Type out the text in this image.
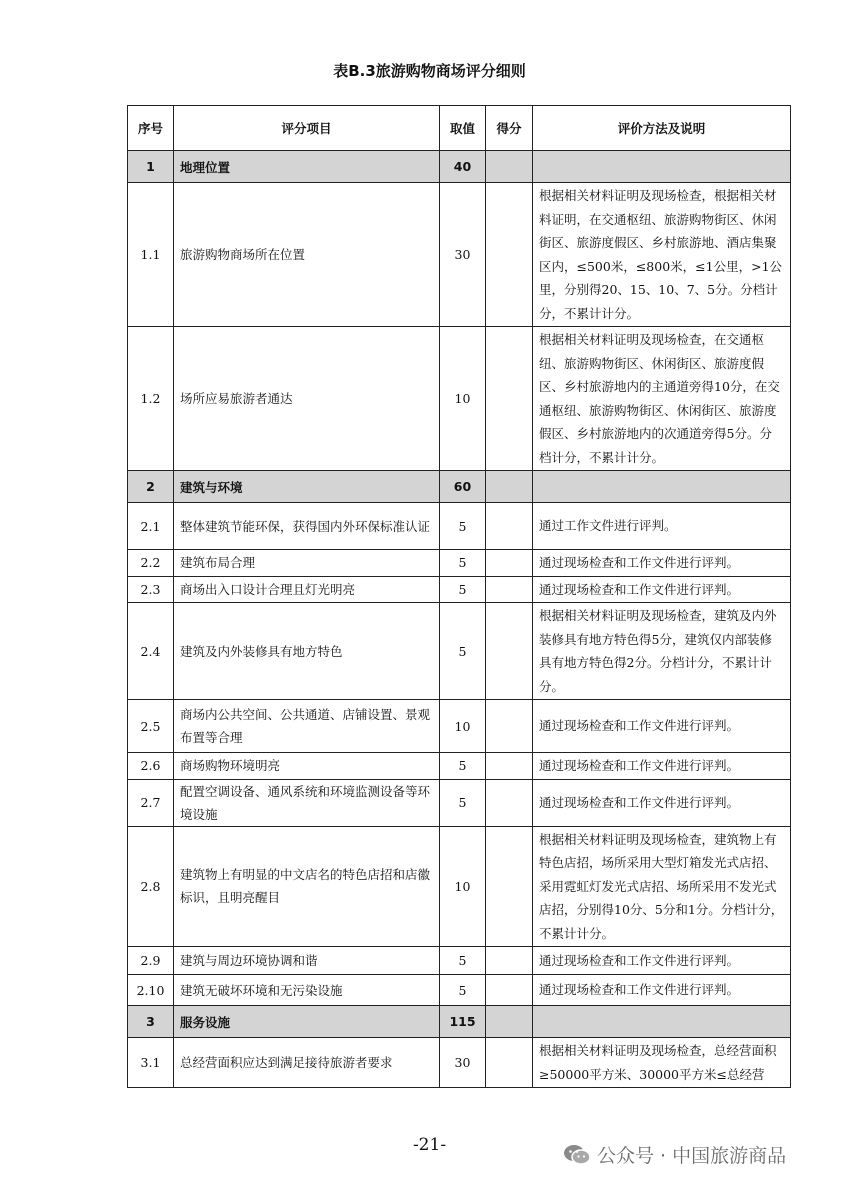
表B.3旅游购物商场评分细则
序号	评分项目	取值	得分	评价方法及说明
1	地理位置	40		
1.1	旅游购物商场所在位置	30		根据相关材料证明及现场检查，根据相关材料证明，在交通枢纽、旅游购物街区、休闲街区、旅游度假区、乡村旅游地、酒店集聚区内，≤500米，≤800米，≤1公里，>1公里，分别得20、15、10、7、5分。分档计分，不累计计分。
1.2	场所应易旅游者通达	10		根据相关材料证明及现场检查，在交通枢纽、旅游购物街区、休闲街区、旅游度假区、乡村旅游地内的主通道旁得10分，在交通枢纽、旅游购物街区、休闲街区、旅游度假区、乡村旅游地内的次通道旁得5分。分档计分，不累计计分。
2	建筑与环境	60		
2.1	整体建筑节能环保，获得国内外环保标准认证	5		通过工作文件进行评判。
2.2	建筑布局合理	5		通过现场检查和工作文件进行评判。
2.3	商场出入口设计合理且灯光明亮	5		通过现场检查和工作文件进行评判。
2.4	建筑及内外装修具有地方特色	5		根据相关材料证明及现场检查，建筑及内外装修具有地方特色得5分，建筑仅内部装修具有地方特色得2分。分档计分，不累计计分。
2.5	商场内公共空间、公共通道、店铺设置、景观布置等合理	10		通过现场检查和工作文件进行评判。
2.6	商场购物环境明亮	5		通过现场检查和工作文件进行评判。
2.7	配置空调设备、通风系统和环境监测设备等环境设施	5		通过现场检查和工作文件进行评判。
2.8	建筑物上有明显的中文店名的特色店招和店徽标识，且明亮醒目	10		根据相关材料证明及现场检查，建筑物上有特色店招，场所采用大型灯箱发光式店招、采用霓虹灯发光式店招、场所采用不发光式店招，分别得10分、5分和1分。分档计分，不累计计分。
2.9	建筑与周边环境协调和谐	5		通过现场检查和工作文件进行评判。
2.10	建筑无破坏环境和无污染设施	5		通过现场检查和工作文件进行评判。
3	服务设施	115		
3.1	总经营面积应达到满足接待旅游者要求	30		根据相关材料证明及现场检查，总经营面积≥50000平方米、30000平方米≤总经营
-21-	公众号 · 中国旅游商品
